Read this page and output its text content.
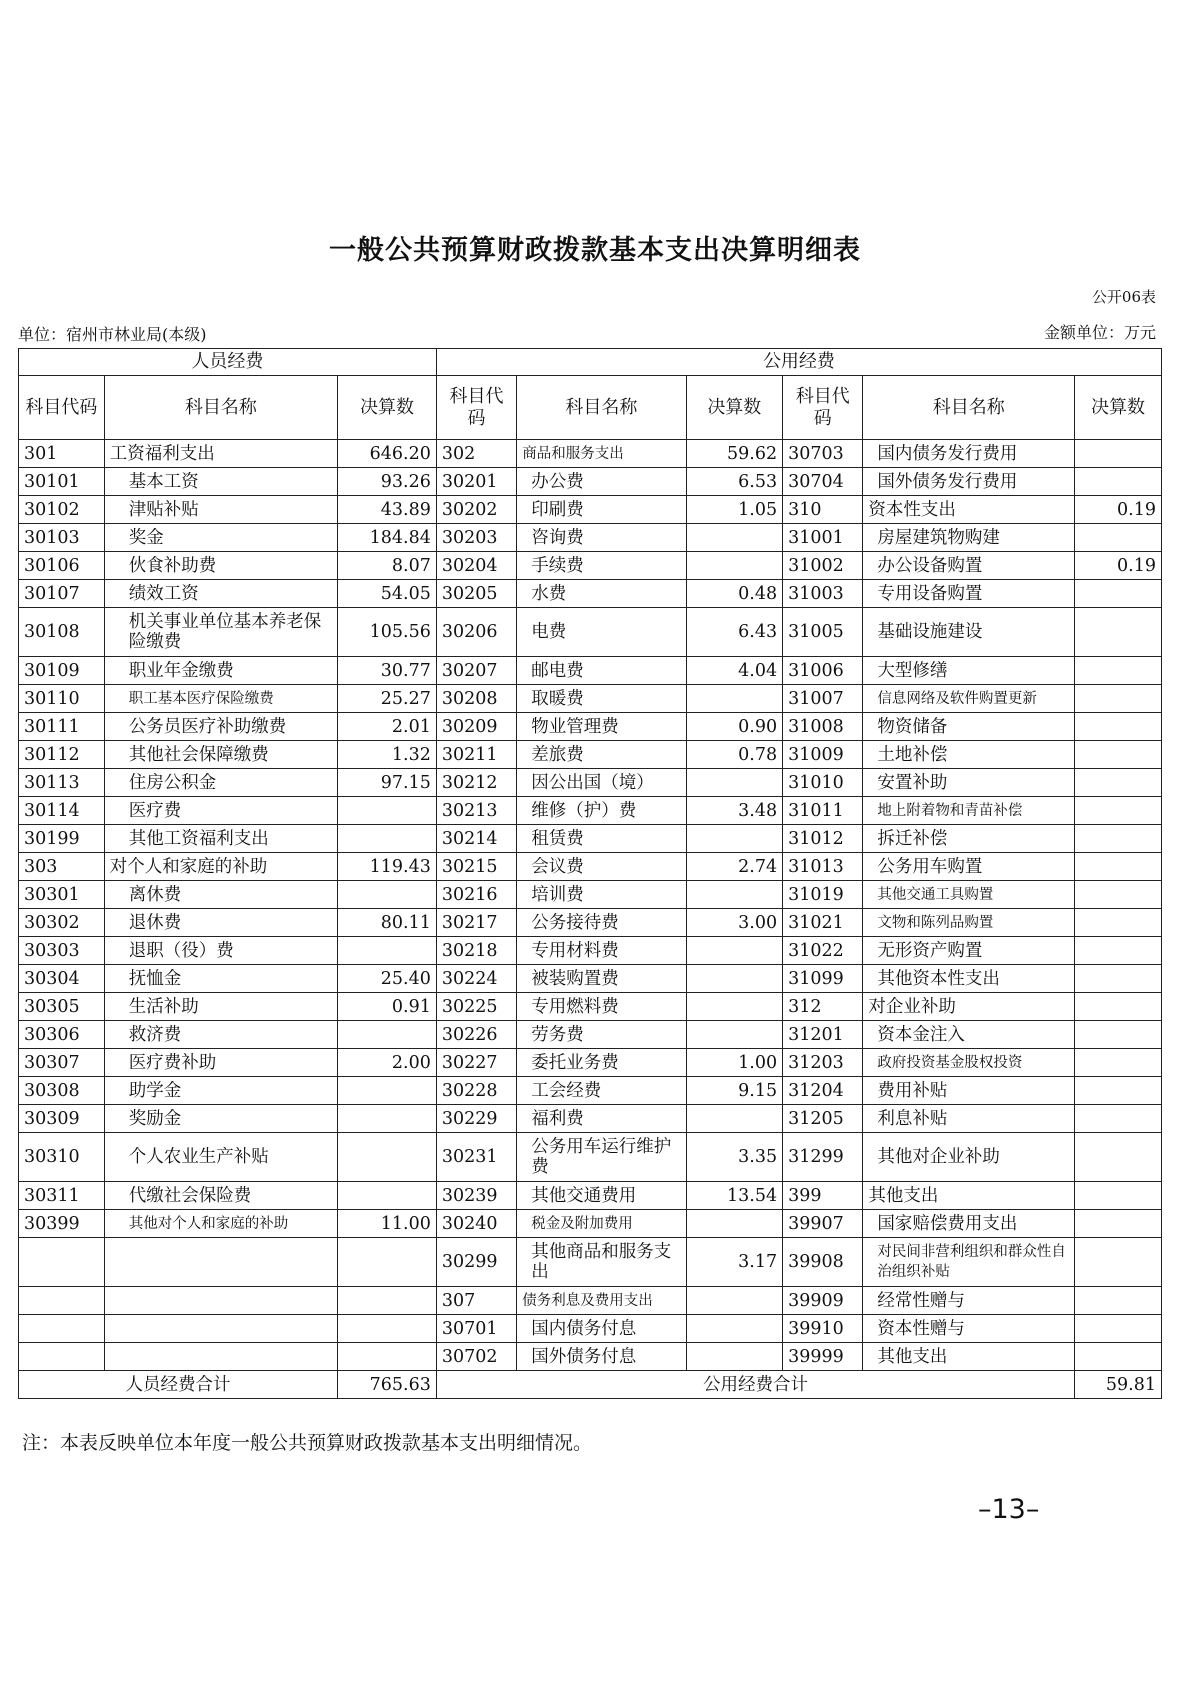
一般公共预算财政拨款基本支出决算明细表
公开06表
单位：宿州市林业局(本级)	金额单位：万元
人员经费			公用经费					
科目代码	科目名称	决算数	科目代码	科目名称	决算数	科目代码	科目名称	决算数
301	工资福利支出	646.20	302	商品和服务支出	59.62	30703	国内债务发行费用	
30101	基本工资	93.26	30201	办公费	6.53	30704	国外债务发行费用	
30102	津贴补贴	43.89	30202	印刷费	1.05	310	资本性支出	0.19
30103	奖金	184.84	30203	咨询费		31001	房屋建筑物购建	
30106	伙食补助费	8.07	30204	手续费		31002	办公设备购置	0.19
30107	绩效工资	54.05	30205	水费	0.48	31003	专用设备购置	
30108	机关事业单位基本养老保险缴费	105.56	30206	电费	6.43	31005	基础设施建设	
30109	职业年金缴费	30.77	30207	邮电费	4.04	31006	大型修缮	
30110	职工基本医疗保险缴费	25.27	30208	取暖费		31007	信息网络及软件购置更新	
30111	公务员医疗补助缴费	2.01	30209	物业管理费	0.90	31008	物资储备	
30112	其他社会保障缴费	1.32	30211	差旅费	0.78	31009	土地补偿	
30113	住房公积金	97.15	30212	因公出国（境）		31010	安置补助	
30114	医疗费		30213	维修（护）费	3.48	31011	地上附着物和青苗补偿	
30199	其他工资福利支出		30214	租赁费		31012	拆迁补偿	
303	对个人和家庭的补助	119.43	30215	会议费	2.74	31013	公务用车购置	
30301	离休费		30216	培训费		31019	其他交通工具购置	
30302	退休费	80.11	30217	公务接待费	3.00	31021	文物和陈列品购置	
30303	退职（役）费		30218	专用材料费		31022	无形资产购置	
30304	抚恤金	25.40	30224	被装购置费		31099	其他资本性支出	
30305	生活补助	0.91	30225	专用燃料费		312	对企业补助	
30306	救济费		30226	劳务费		31201	资本金注入	
30307	医疗费补助	2.00	30227	委托业务费	1.00	31203	政府投资基金股权投资	
30308	助学金		30228	工会经费	9.15	31204	费用补贴	
30309	奖励金		30229	福利费		31205	利息补贴	
30310	个人农业生产补贴		30231	公务用车运行维护费	3.35	31299	其他对企业补助	
30311	代缴社会保险费		30239	其他交通费用	13.54	399	其他支出	
30399	其他对个人和家庭的补助	11.00	30240	税金及附加费用		39907	国家赔偿费用支出	
			30299	其他商品和服务支出	3.17	39908	对民间非营利组织和群众性自治组织补贴	
			307	债务利息及费用支出		39909	经常性赠与	
			30701	国内债务付息		39910	资本性赠与	
			30702	国外债务付息		39999	其他支出	
人员经费合计		765.63	公用经费合计					59.81
注：本表反映单位本年度一般公共预算财政拨款基本支出明细情况。
–13–
